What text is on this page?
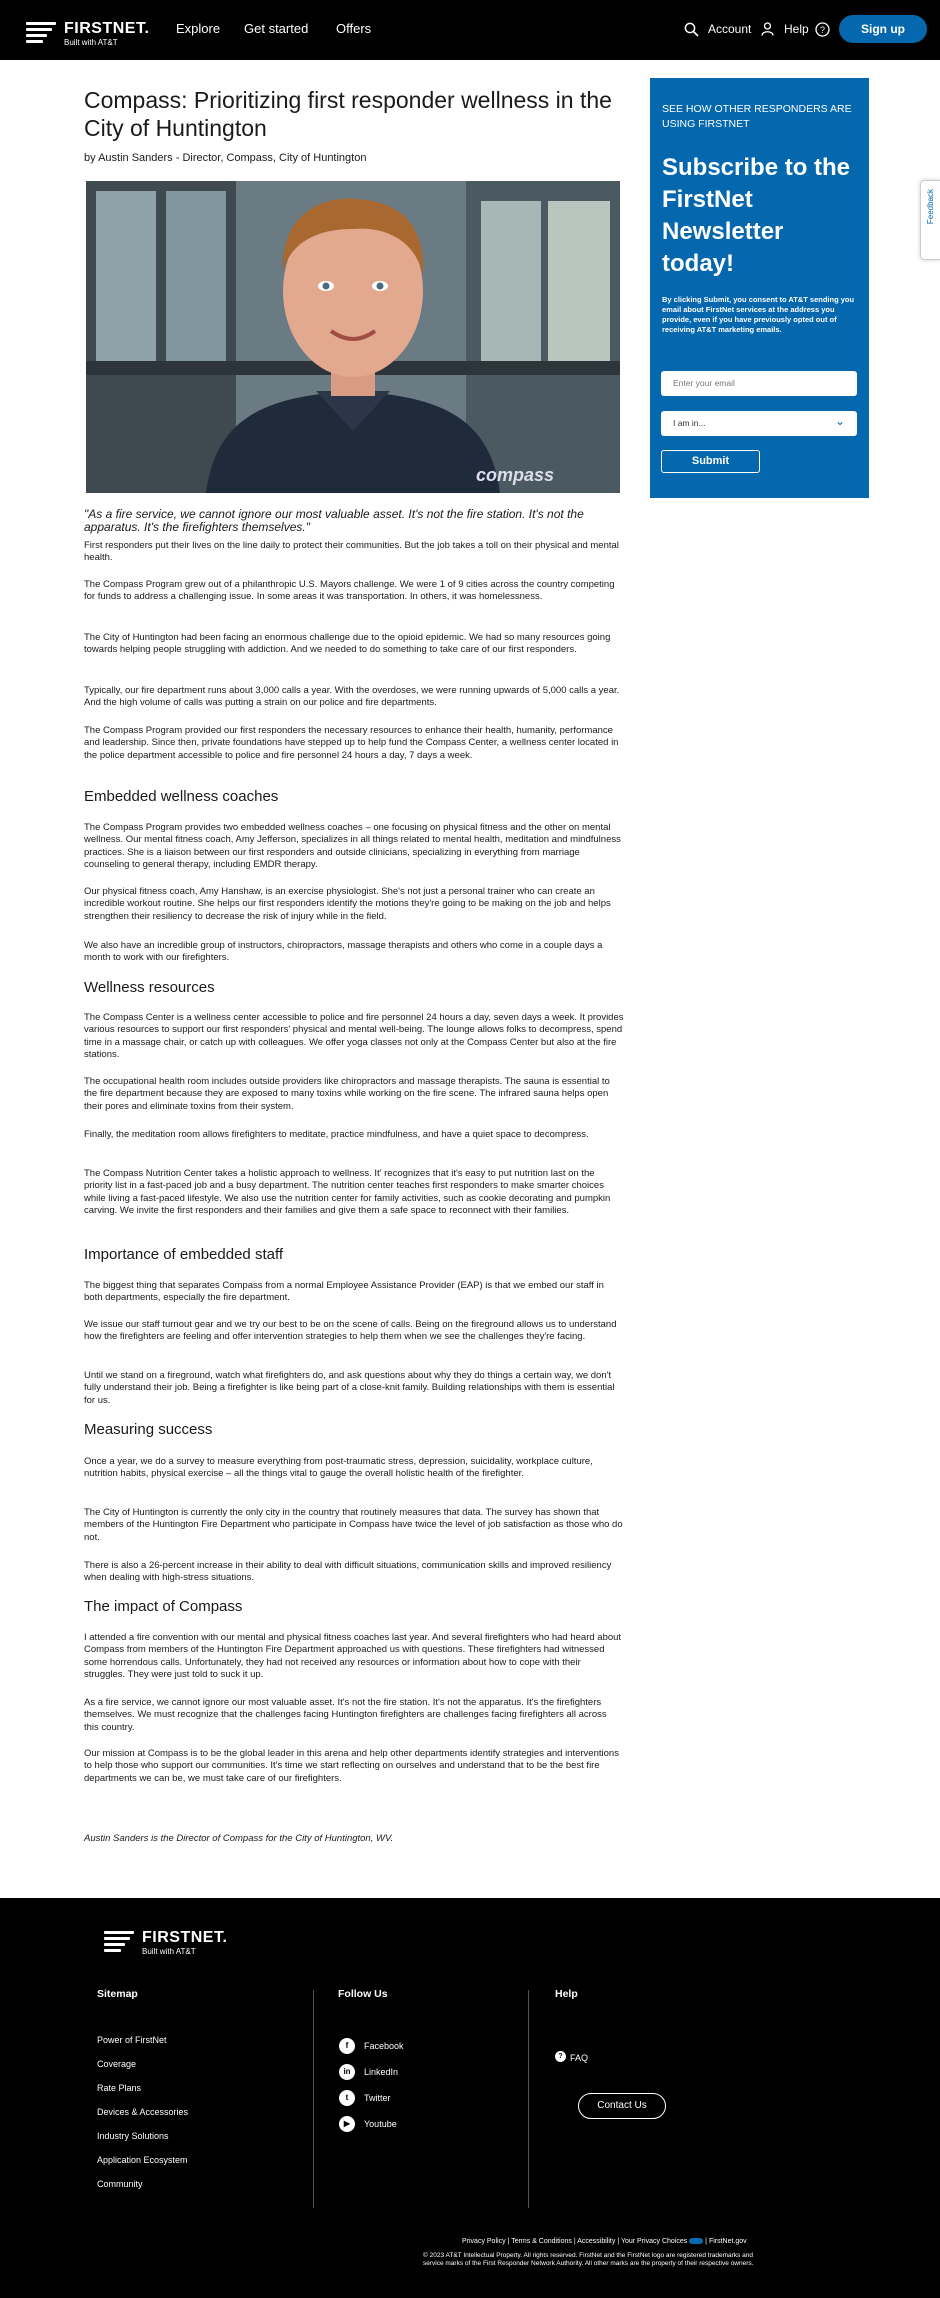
FIRSTNET.
Built with AT&T
Explore Get started Offers	Account	Help ?	Sign up
Compass: Prioritizing first responder wellness in the City of Huntington
by Austin Sanders - Director, Compass, City of Huntington
compass
"As a fire service, we cannot ignore our most valuable asset. It's not the fire station. It's not the apparatus. It's the firefighters themselves."

First responders put their lives on the line daily to protect their communities. But the job takes a toll on their physical and mental health.

The Compass Program grew out of a philanthropic U.S. Mayors challenge. We were 1 of 9 cities across the country competing for funds to address a challenging issue. In some areas it was transportation. In others, it was homelessness.

The City of Huntington had been facing an enormous challenge due to the opioid epidemic. We had so many resources going towards helping people struggling with addiction. And we needed to do something to take care of our first responders.

Typically, our fire department runs about 3,000 calls a year. With the overdoses, we were running upwards of 5,000 calls a year. And the high volume of calls was putting a strain on our police and fire departments.

The Compass Program provided our first responders the necessary resources to enhance their health, humanity, performance and leadership. Since then, private foundations have stepped up to help fund the Compass Center, a wellness center located in the police department accessible to police and fire personnel 24 hours a day, 7 days a week.

Embedded wellness coaches

The Compass Program provides two embedded wellness coaches – one focusing on physical fitness and the other on mental wellness. Our mental fitness coach, Amy Jefferson, specializes in all things related to mental health, meditation and mindfulness practices. She is a liaison between our first responders and outside clinicians, specializing in everything from marriage counseling to general therapy, including EMDR therapy.

Our physical fitness coach, Amy Hanshaw, is an exercise physiologist. She's not just a personal trainer who can create an incredible workout routine. She helps our first responders identify the motions they're going to be making on the job and helps strengthen their resiliency to decrease the risk of injury while in the field.

We also have an incredible group of instructors, chiropractors, massage therapists and others who come in a couple days a month to work with our firefighters.

Wellness resources

The Compass Center is a wellness center accessible to police and fire personnel 24 hours a day, seven days a week. It provides various resources to support our first responders' physical and mental well-being. The lounge allows folks to decompress, spend time in a massage chair, or catch up with colleagues. We offer yoga classes not only at the Compass Center but also at the fire stations.

The occupational health room includes outside providers like chiropractors and massage therapists. The sauna is essential to the fire department because they are exposed to many toxins while working on the fire scene. The infrared sauna helps open their pores and eliminate toxins from their system.

Finally, the meditation room allows firefighters to meditate, practice mindfulness, and have a quiet space to decompress.

The Compass Nutrition Center takes a holistic approach to wellness. It' recognizes that it's easy to put nutrition last on the priority list in a fast-paced job and a busy department. The nutrition center teaches first responders to make smarter choices while living a fast-paced lifestyle. We also use the nutrition center for family activities, such as cookie decorating and pumpkin carving. We invite the first responders and their families and give them a safe space to reconnect with their families.

Importance of embedded staff

The biggest thing that separates Compass from a normal Employee Assistance Provider (EAP) is that we embed our staff in both departments, especially the fire department.

We issue our staff turnout gear and we try our best to be on the scene of calls. Being on the fireground allows us to understand how the firefighters are feeling and offer intervention strategies to help them when we see the challenges they're facing.

Until we stand on a fireground, watch what firefighters do, and ask questions about why they do things a certain way, we don't fully understand their job. Being a firefighter is like being part of a close-knit family. Building relationships with them is essential for us.

Measuring success

Once a year, we do a survey to measure everything from post-traumatic stress, depression, suicidality, workplace culture, nutrition habits, physical exercise – all the things vital to gauge the overall holistic health of the firefighter.

The City of Huntington is currently the only city in the country that routinely measures that data. The survey has shown that members of the Huntington Fire Department who participate in Compass have twice the level of job satisfaction as those who do not.

There is also a 26-percent increase in their ability to deal with difficult situations, communication skills and improved resiliency when dealing with high-stress situations.

The impact of Compass

I attended a fire convention with our mental and physical fitness coaches last year. And several firefighters who had heard about Compass from members of the Huntington Fire Department approached us with questions. These firefighters had witnessed some horrendous calls. Unfortunately, they had not received any resources or information about how to cope with their struggles. They were just told to suck it up.

As a fire service, we cannot ignore our most valuable asset. It's not the fire station. It's not the apparatus. It's the firefighters themselves. We must recognize that the challenges facing Huntington firefighters are challenges facing firefighters all across this country.

Our mission at Compass is to be the global leader in this arena and help other departments identify strategies and interventions to help those who support our communities. It's time we start reflecting on ourselves and understand that to be the best fire departments we can be, we must take care of our firefighters.

Austin Sanders is the Director of Compass for the City of Huntington, WV.

SEE HOW OTHER RESPONDERS ARE USING FIRSTNET
Subscribe to the FirstNet Newsletter today!
By clicking Submit, you consent to AT&T sending you email about FirstNet services at the address you provide, even if you have previously opted out of receiving AT&T marketing emails.
Enter your email
I am in...	⌄
Submit
Feedback
FIRSTNET.
Built with AT&T
Sitemap
Power of FirstNet
Coverage
Rate Plans
Devices & Accessories
Industry Solutions
Application Ecosystem
Community
Follow Us
f	Facebook
in	LinkedIn
t	Twitter
▶	Youtube
Help
? FAQ
Contact Us
Privacy Policy | Terms & Conditions | Accessibility | Your Privacy Choices	| FirstNet.gov
© 2023 AT&T Intellectual Property. All rights reserved. FirstNet and the FirstNet logo are registered trademarks and
service marks of the First Responder Network Authority. All other marks are the property of their respective owners.
